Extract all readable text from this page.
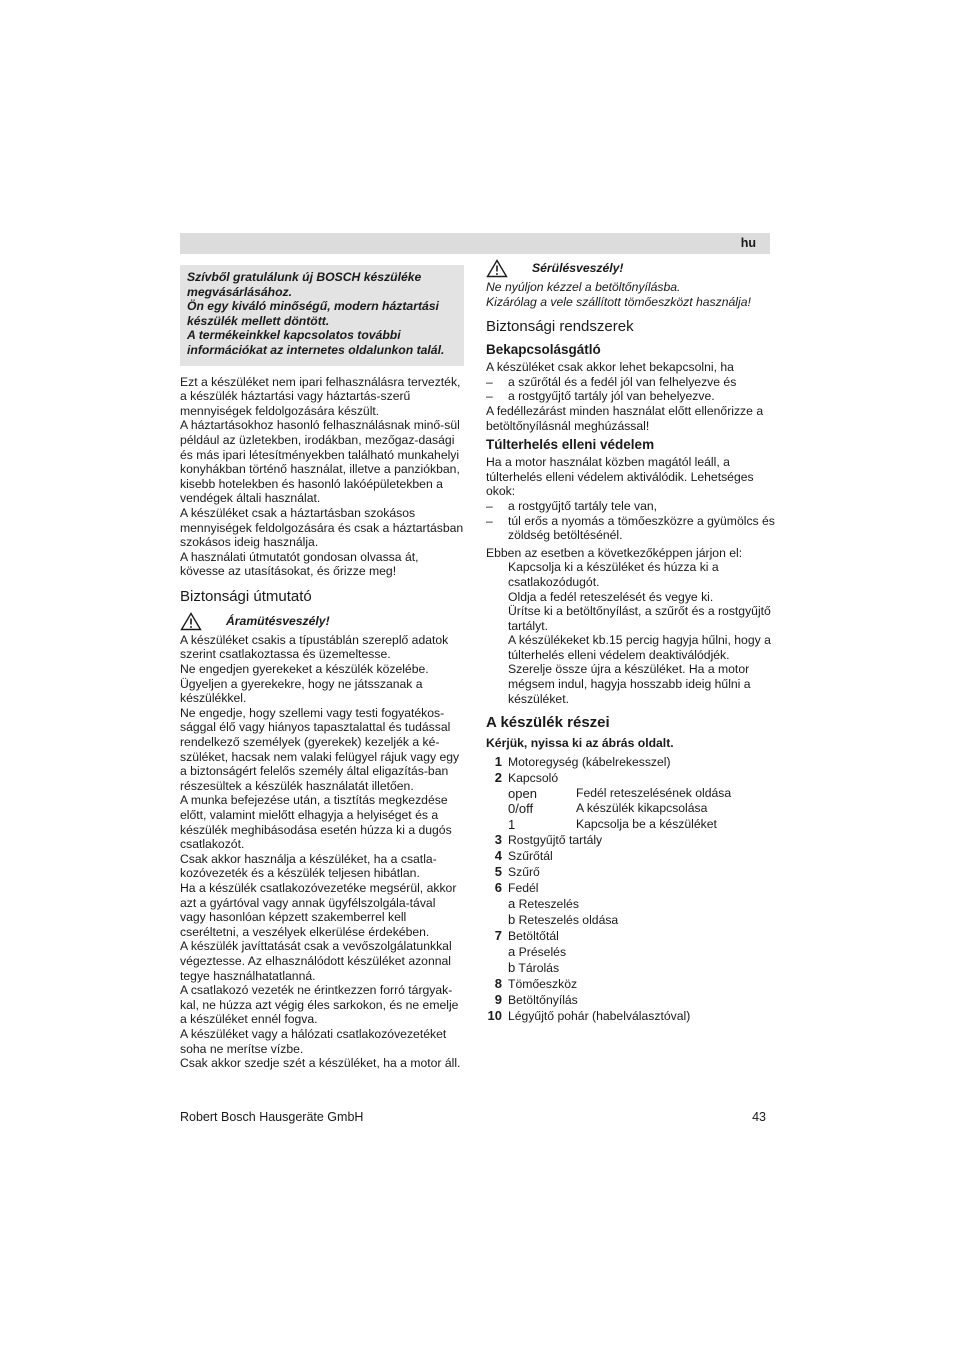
hu

Szívből gratulálunk új BOSCH készüléke megvásárlásához.

Ön egy kiváló minőségű, modern háztartási készülék mellett döntött.

A termékeinkkel kapcsolatos további információkat az internetes oldalunkon talál.

Ezt a készüléket nem ipari felhasználásra tervezték, a készülék háztartási vagy háztartás-szerű mennyiségek feldolgozására készült.

A háztartásokhoz hasonló felhasználásnak minő-sül például az üzletekben, irodákban, mezőgaz-dasági és más ipari létesítményekben található munkahelyi konyhákban történő használat, illetve a panziókban, kisebb hotelekben és hasonló lakóépületekben a vendégek általi használat.

A készüléket csak a háztartásban szokásos mennyiségek feldolgozására és csak a háztartásban szokásos ideig használja.

A használati útmutatót gondosan olvassa át, kövesse az utasításokat, és őrizze meg!

Biztonsági útmutató
Áramütésveszély!

A készüléket csakis a típustáblán szereplő adatok szerint csatlakoztassa és üzemeltesse.

Ne engedjen gyerekeket a készülék közelébe. Ügyeljen a gyerekekre, hogy ne játsszanak a készülékkel.

Ne engedje, hogy szellemi vagy testi fogyatékos-sággal élő vagy hiányos tapasztalattal és tudással rendelkező személyek (gyerekek) kezeljék a ké-szüléket, hacsak nem valaki felügyel rájuk vagy egy a biztonságért felelős személy által eligazítás-ban részesültek a készülék használatát illetően.

A munka befejezése után, a tisztítás megkezdése előtt, valamint mielőtt elhagyja a helyiséget és a készülék meghibásodása esetén húzza ki a dugós csatlakozót.

Csak akkor használja a készüléket, ha a csatla-kozóvezeték és a készülék teljesen hibátlan.

Ha a készülék csatlakozóvezetéke megsérül, akkor azt a gyártóval vagy annak ügyfélszolgála-tával vagy hasonlóan képzett szakemberrel kell cseréltetni, a veszélyek elkerülése érdekében.

A készülék javíttatását csak a vevőszolgálatunkkal végeztesse. Az elhasználódott készüléket azonnal tegye használhatatlanná.

A csatlakozó vezeték ne érintkezzen forró tárgyak-kal, ne húzza azt végig éles sarkokon, és ne emelje a készüléket ennél fogva.

A készüléket vagy a hálózati csatlakozóvezetéket soha ne merítse vízbe.

Csak akkor szedje szét a készüléket, ha a motor áll.

Sérülésveszély!

Ne nyúljon kézzel a betöltőnyílásba.

Kizárólag a vele szállított tömőeszközt használja!

Biztonsági rendszerek
Bekapcsolásgátló

A készüléket csak akkor lehet bekapcsolni, ha

–	a szűrőtál és a fedél jól van felhelyezve és
–	a rostgyűjtő tartály jól van behelyezve.

A fedéllezárást minden használat előtt ellenőrizze a betöltőnyílásnál meghúzással!

Túlterhelés elleni védelem

Ha a motor használat közben magától leáll, a túlterhelés elleni védelem aktiválódik. Lehetséges okok:

–	a rostgyűjtő tartály tele van,
–	túl erős a nyomás a tömőeszközre a gyümölcs és zöldség betöltésénél.

Ebben az esetben a következőképpen járjon el:

Kapcsolja ki a készüléket és húzza ki a csatlakozódugót.

Oldja a fedél reteszelését és vegye ki.

Ürítse ki a betöltőnyílást, a szűrőt és a rostgyűjtő tartályt.

A készülékeket kb.15 percig hagyja hűlni, hogy a túlterhelés elleni védelem deaktiválódjék.

Szerelje össze újra a készüléket. Ha a motor mégsem indul, hagyja hosszabb ideig hűlni a készüléket.

A készülék részei
Kérjük, nyissa ki az ábrás oldalt.
1 Motoregység (kábelrekesszel)
2 Kapcsoló
open	Fedél reteszelésének oldása
0/off	A készülék kikapcsolása
1	Kapcsolja be a készüléket
3 Rostgyűjtő tartály
4 Szűrőtál
5 Szűrő
6 Fedél
a Reteszelés
b Reteszelés oldása
7 Betöltőtál
a Préselés
b Tárolás
8 Tömőeszköz
9 Betöltőnyílás
10 Légyűjtő pohár (habelválasztóval)
Robert Bosch Hausgeräte GmbH	43
